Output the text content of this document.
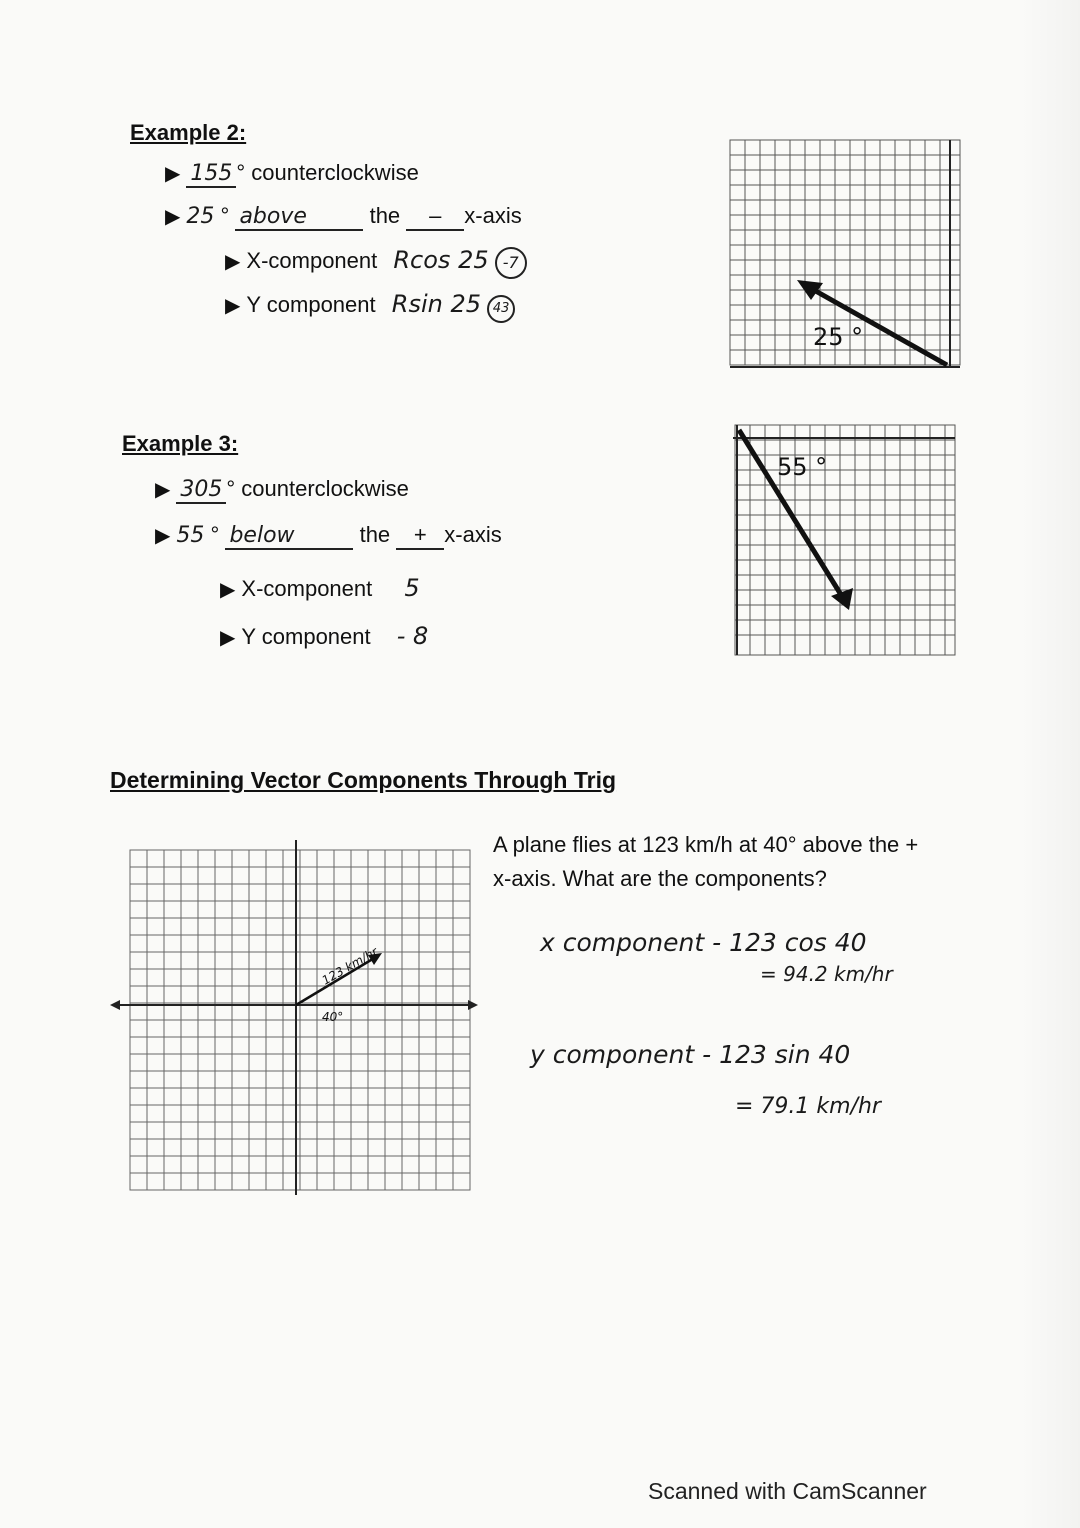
Example 2:
▶ 155 ° counterclockwise
▶ 25 ° above	the – x-axis
▶ X-component Rcos 25 -7
▶ Y component Rsin 25 43
25 °
Example 3:
▶ 305 ° counterclockwise
▶ 55 ° below	the + x-axis
▶ X-component 5
▶ Y component - 8
55 °
Determining Vector Components Through Trig
A plane flies at 123 km/h at 40° above the +
x-axis. What are the components?
x component - 123 cos 40
= 94.2 km/hr
y component - 123 sin 40
= 79.1 km/hr
123 km/hr
40°
Scanned with CamScanner
